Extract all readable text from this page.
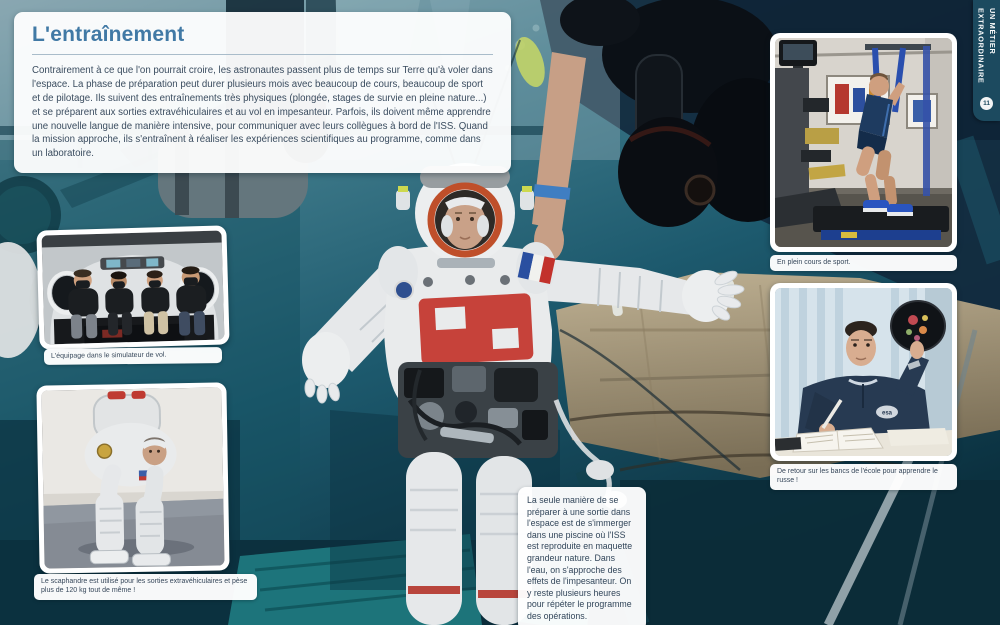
L'entraînement

Contrairement à ce que l'on pourrait croire, les astronautes passent plus de temps sur Terre qu'à voler dans l'espace. La phase de préparation peut durer plusieurs mois avec beaucoup de cours, beaucoup de sport et de pilotage. Ils suivent des entraînements très physiques (plongée, stages de survie en pleine nature...) et se préparent aux sorties extravéhiculaires et au vol en impesanteur. Parfois, ils doivent même apprendre une nouvelle langue de manière intensive, pour communiquer avec leurs collègues à bord de l'ISS. Quand la mission approche, ils s'entraînent à réaliser les expériences scientifiques au programme, comme dans un laboratoire.

En plein cours de sport.
esa
De retour sur les bancs de l'école pour apprendre le russe !
L'équipage dans le simulateur de vol.
Le scaphandre est utilisé pour les sorties extravéhiculaires et pèse plus de 120 kg tout de même !
La seule manière de se préparer à une sortie dans l'espace est de s'immerger dans une piscine où l'ISS est reproduite en maquette grandeur nature. Dans l'eau, on s'approche des effets de l'impesanteur. On y reste plusieurs heures pour répéter le programme des opérations.
UN MÉTIER
EXTRAORDINAIRE
11
